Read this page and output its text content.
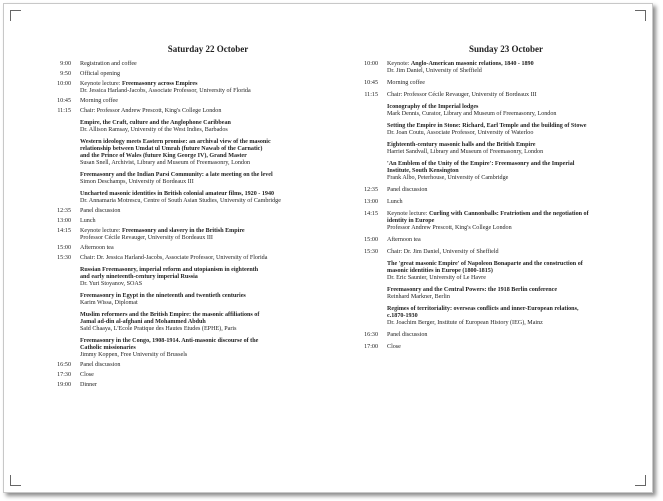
Saturday 22 October
9:00	Registration and coffee
9:50	Official opening
10:00	Keynote lecture: Freemasonry across Empires
Dr. Jessica Harland-Jacobs, Associate Professor, University of Florida
10:45	Morning coffee
11:15	Chair: Professor Andrew Prescott, King's College London
Empire, the Craft, culture and the Anglophone Caribbean
Dr. Allison Ramsay, University of the West Indies, Barbados
Western ideology meets Eastern promise: an archival view of the masonic
relationship between Umdat ul Umrah (future Nawab of the Carnatic)
and the Prince of Wales (future King George IV), Grand Master
Susan Snell, Archivist, Library and Museum of Freemasonry, London
Freemasonry and the Indian Parsi Community: a late meeting on the level
Simon Deschamps, University of Bordeaux III
Uncharted masonic identities in British colonial amateur films, 1920 - 1940
Dr. Annamaria Motrescu, Centre of South Asian Studies, University of Cambridge
12:35	Panel discussion
13:00	Lunch
14:15	Keynote lecture: Freemasonry and slavery in the British Empire
Professor Cécile Revauger, University of Bordeaux III
15:00	Afternoon tea
15:30	Chair: Dr. Jessica Harland-Jacobs, Associate Professor, University of Florida
Russian Freemasonry, imperial reform and utopianism in eighteenth
and early nineteenth-century imperial Russia
Dr. Yuri Stoyanov, SOAS
Freemasonry in Egypt in the nineteenth and twentieth centuries
Karim Wissa, Diplomat
Muslim reformers and the British Empire: the masonic affiliations of
Jamal ad-din al-afghani and Mohammed Abduh
Saïd Chaaya, L'Ecole Pratique des Hautes Etudes (EPHE), Paris
Freemasonry in the Congo, 1908-1914. Anti-masonic discourse of the
Catholic missionaries
Jimmy Koppen, Free University of Brussels
16:50	Panel discussion
17:30	Close
19:00	Dinner
Sunday 23 October
10:00	Keynote: Anglo-American masonic relations, 1840 - 1890
Dr. Jim Daniel, University of Sheffield
10:45	Morning coffee
11:15	Chair: Professor Cécile Revauger, University of Bordeaux III
Iconography of the Imperial lodges
Mark Dennis, Curator, Library and Museum of Freemasonry, London
Setting the Empire in Stone: Richard, Earl Temple and the building of Stowe
Dr. Joan Coutu, Associate Professor, University of Waterloo
Eighteenth-century masonic halls and the British Empire
Harriet Sandvall, Library and Museum of Freemasonry, London
'An Emblem of the Unity of the Empire': Freemasonry and the Imperial
Institute, South Kensington
Frank Albo, Peterhouse, University of Cambridge
12:35	Panel discussion
13:00	Lunch
14:15	Keynote lecture: Curling with Cannonballs: Fratriotism and the negotiation of
identity in Europe
Professor Andrew Prescott, King's College London
15:00	Afternoon tea
15:30	Chair: Dr. Jim Daniel, University of Sheffield
The 'great masonic Empire' of Napoleon Bonaparte and the construction of
masonic identities in Europe (1800-1815)
Dr. Eric Saunier, University of Le Havre
Freemasonry and the Central Powers: the 1918 Berlin conference
Reinhard Markner, Berlin
Regimes of territoriality: overseas conflicts and inner-European relations,
c.1870-1930
Dr. Joachim Berger, Institute of European History (IEG), Mainz
16:30	Panel discussion
17:00	Close
